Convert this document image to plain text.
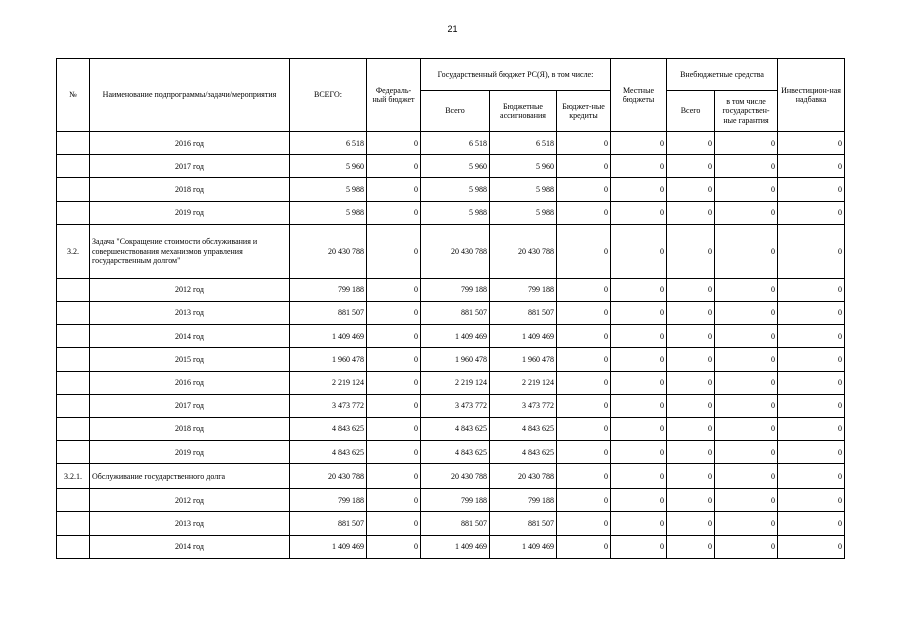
21
№	Наименование подпрограммы/задачи/мероприятия	ВСЕГО:	Федераль-ный бюджет	Государственный бюджет РС(Я), в том числе:			Местные бюджеты	Внебюджетные средства		Инвестицион-ная надбавка
				Всего	Бюджетные ассигнования	Бюджет-ные кредиты		Всего	в том числе государствен-ные гарантия	
	2016 год	6 518	0	6 518	6 518	0	0	0	0	0
	2017 год	5 960	0	5 960	5 960	0	0	0	0	0
	2018 год	5 988	0	5 988	5 988	0	0	0	0	0
	2019 год	5 988	0	5 988	5 988	0	0	0	0	0
3.2.	Задача "Сокращение стоимости обслуживания и совершенствования механизмов управления государственным долгом"	20 430 788	0	20 430 788	20 430 788	0	0	0	0	0
	2012 год	799 188	0	799 188	799 188	0	0	0	0	0
	2013 год	881 507	0	881 507	881 507	0	0	0	0	0
	2014 год	1 409 469	0	1 409 469	1 409 469	0	0	0	0	0
	2015 год	1 960 478	0	1 960 478	1 960 478	0	0	0	0	0
	2016 год	2 219 124	0	2 219 124	2 219 124	0	0	0	0	0
	2017 год	3 473 772	0	3 473 772	3 473 772	0	0	0	0	0
	2018 год	4 843 625	0	4 843 625	4 843 625	0	0	0	0	0
	2019 год	4 843 625	0	4 843 625	4 843 625	0	0	0	0	0
3.2.1.	Обслуживание государственного долга	20 430 788	0	20 430 788	20 430 788	0	0	0	0	0
	2012 год	799 188	0	799 188	799 188	0	0	0	0	0
	2013 год	881 507	0	881 507	881 507	0	0	0	0	0
	2014 год	1 409 469	0	1 409 469	1 409 469	0	0	0	0	0
